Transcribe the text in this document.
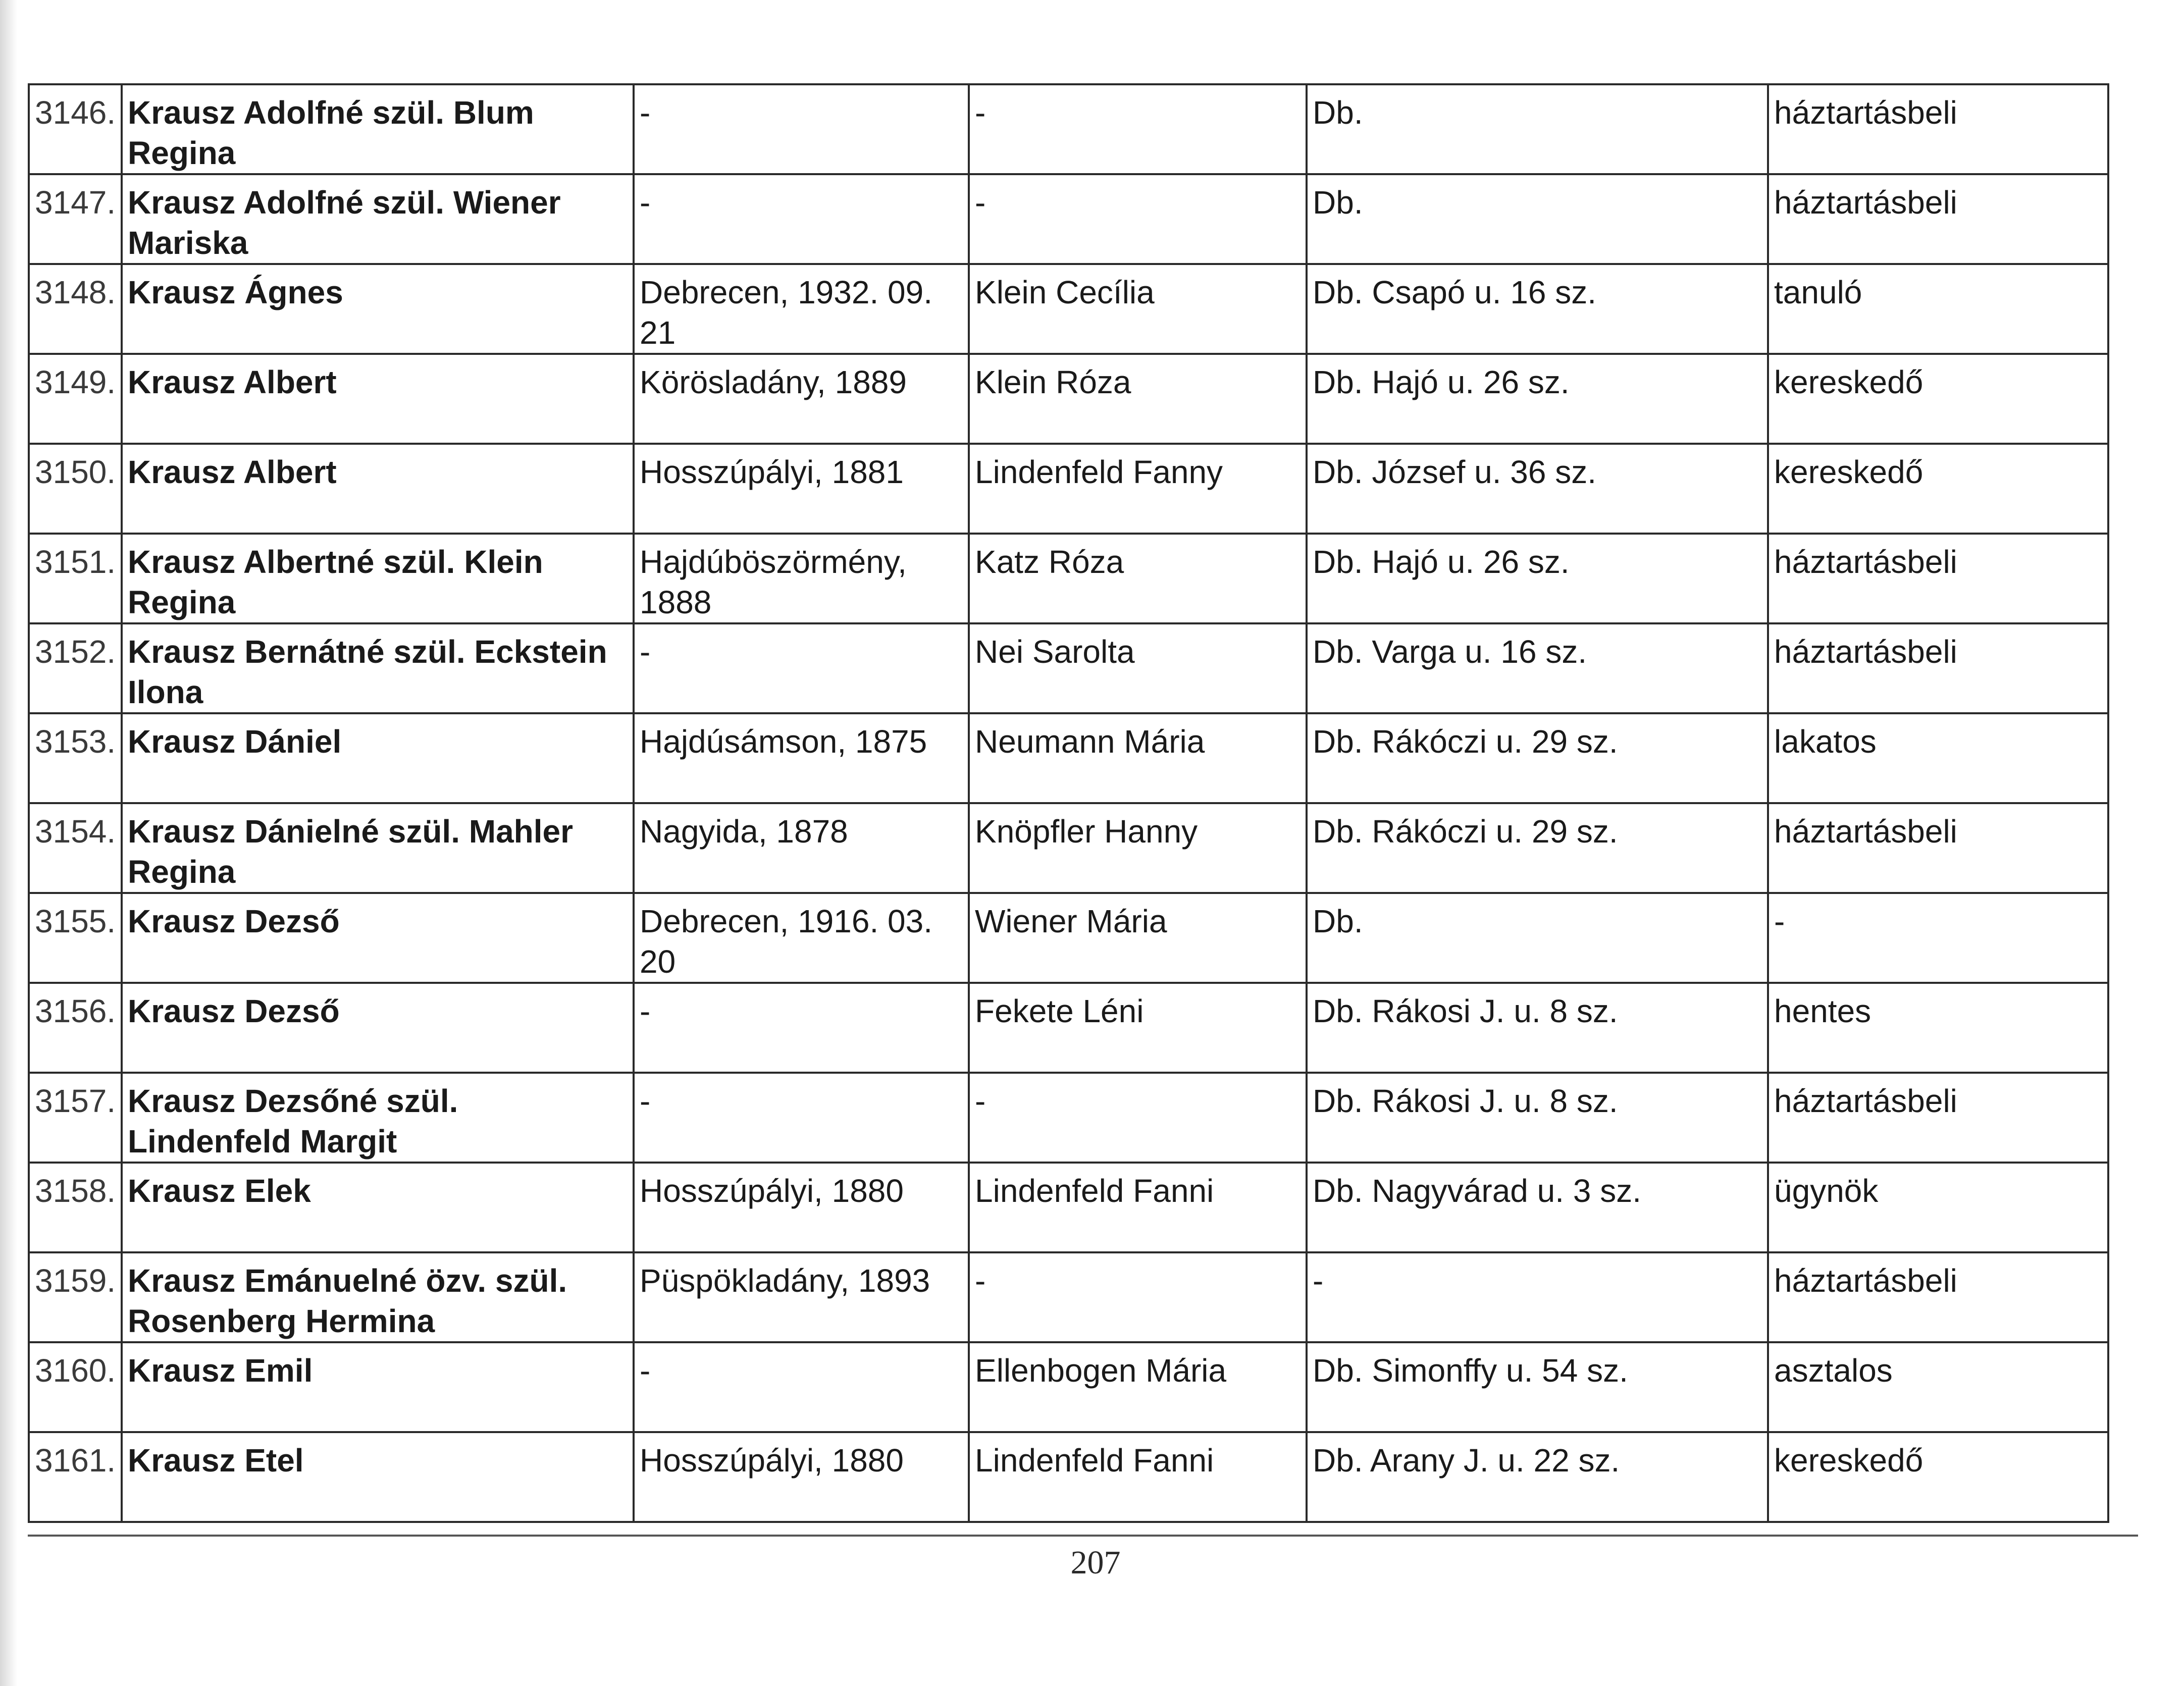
3146.	Krausz Adolfné szül. Blum Regina	-	-	Db.	háztartásbeli
3147.	Krausz Adolfné szül. Wiener Mariska	-	-	Db.	háztartásbeli
3148.	Krausz Ágnes	Debrecen, 1932. 09. 21	Klein Cecília	Db. Csapó u. 16 sz.	tanuló
3149.	Krausz Albert	Körösladány, 1889	Klein Róza	Db. Hajó u. 26 sz.	kereskedő
3150.	Krausz Albert	Hosszúpályi, 1881	Lindenfeld Fanny	Db. József u. 36 sz.	kereskedő
3151.	Krausz Albertné szül. Klein Regina	Hajdúböszörmény, 1888	Katz Róza	Db. Hajó u. 26 sz.	háztartásbeli
3152.	Krausz Bernátné szül. Eckstein Ilona	-	Nei Sarolta	Db. Varga u. 16 sz.	háztartásbeli
3153.	Krausz Dániel	Hajdúsámson, 1875	Neumann Mária	Db. Rákóczi u. 29 sz.	lakatos
3154.	Krausz Dánielné szül. Mahler Regina	Nagyida, 1878	Knöpfler Hanny	Db. Rákóczi u. 29 sz.	háztartásbeli
3155.	Krausz Dezső	Debrecen, 1916. 03. 20	Wiener Mária	Db.	-
3156.	Krausz Dezső	-	Fekete Léni	Db. Rákosi J. u. 8 sz.	hentes
3157.	Krausz Dezsőné szül. Lindenfeld Margit	-	-	Db. Rákosi J. u. 8 sz.	háztartásbeli
3158.	Krausz Elek	Hosszúpályi, 1880	Lindenfeld Fanni	Db. Nagyvárad u. 3 sz.	ügynök
3159.	Krausz Emánuelné özv. szül. Rosenberg Hermina	Püspökladány, 1893	-	-	háztartásbeli
3160.	Krausz Emil	-	Ellenbogen Mária	Db. Simonffy u. 54 sz.	asztalos
3161.	Krausz Etel	Hosszúpályi, 1880	Lindenfeld Fanni	Db. Arany J. u. 22 sz.	kereskedő
207
